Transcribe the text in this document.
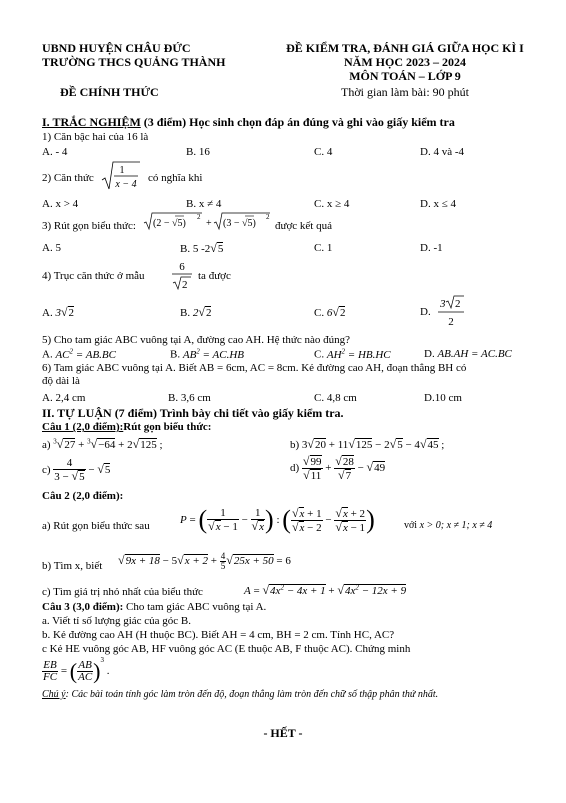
UBND HUYỆN CHÂU ĐỨC
TRƯỜNG THCS QUẢNG THÀNH
ĐỀ CHÍNH THỨC
ĐỀ KIỂM TRA, ĐÁNH GIÁ GIỮA HỌC KÌ I
NĂM HỌC 2023 – 2024
MÔN TOÁN – LỚP 9
Thời gian làm bài: 90 phút
I. TRẮC NGHIỆM (3 điểm) Học sinh chọn đáp án đúng và ghi vào giấy kiểm tra
1) Căn bậc hai của 16 là
A. - 4	B. 16	C. 4	D. 4 và -4
2) Căn thức
1
x − 4
có nghĩa khi
A. x > 4	B. x ≠ 4	C. x ≥ 4	D. x ≤ 4
3) Rút gọn biểu thức: (2 − √5)
2
+ (3 − √5)
2
được kết quả
A. 5	B. 5 -2√5	C. 1	D. -1
4) Trục căn thức ở mẫu
6
2
ta được
A. 3√2	B. 2√2	C. 6√2	D.
3 2
2
5) Cho tam giác ABC vuông tại A, đường cao AH. Hệ thức nào đúng?
A. $AC^2 = AB.BC$	B. $AB^2 = AC.HB$	C. $AH^2 = HB.HC$	D. AB.AH = AC.BC
6) Tam giác ABC vuông tại A. Biết AB = 6cm, AC = 8cm. Kẻ đường cao AH, đoạn thẳng BH có
độ dài là
A. 2,4 cm	B. 3,6 cm	C. 4,8 cm	D.10 cm
II. TỰ LUẬN (7 điểm) Trình bày chi tiết vào giấy kiểm tra.
Câu 1 (2,0 điểm):Rút gọn biểu thức:
a) $^3$√27 + $^3$√−64 + 2√125 ;	b) 3√20 + 11√125 − 2√5 − 4√45 ;
$c) \frac{4}{3 - √5} - √5$	$d) \frac{√99}{√11} + \frac{√28}{√7} - √49$
Câu 2 (2,0 điểm):
a) Rút gọn biểu thức sau
P = ( $\frac{1}{√x - 1} - \frac{1}{√x}$ ) : ( $\frac{√x + 1}{√x - 2} - \frac{√x + 2}{√x - 1}$ )	với x > 0; x ≠ 1; x ≠ 4
b) Tìm x, biết $√9x + 18 - 5√x + 2 + \frac{4}{5} √25x + 50 = 6$
c) Tìm giá trị nhỏ nhất của biểu thức	$A = √4x^2 - 4x + 1 + √4x^2 - 12x + 9$
Câu 3 (3,0 điểm): Cho tam giác ABC vuông tại A.
a. Viết tỉ số lượng giác của góc B.
b. Kẻ đường cao AH (H thuộc BC). Biết AH = 4 cm, BH = 2 cm. Tính HC, AC?
c Kẻ HE vuông góc AB, HF vuông góc AC (E thuộc AB, F thuộc AC). Chứng minh
$\frac{EB}{FC}$ = ( $\frac{AB}{AC} )^3$ .
Chú ý: Các bài toán tính góc làm tròn đến độ, đoạn thẳng làm tròn đến chữ số thập phân thứ nhất.
- HẾT -
